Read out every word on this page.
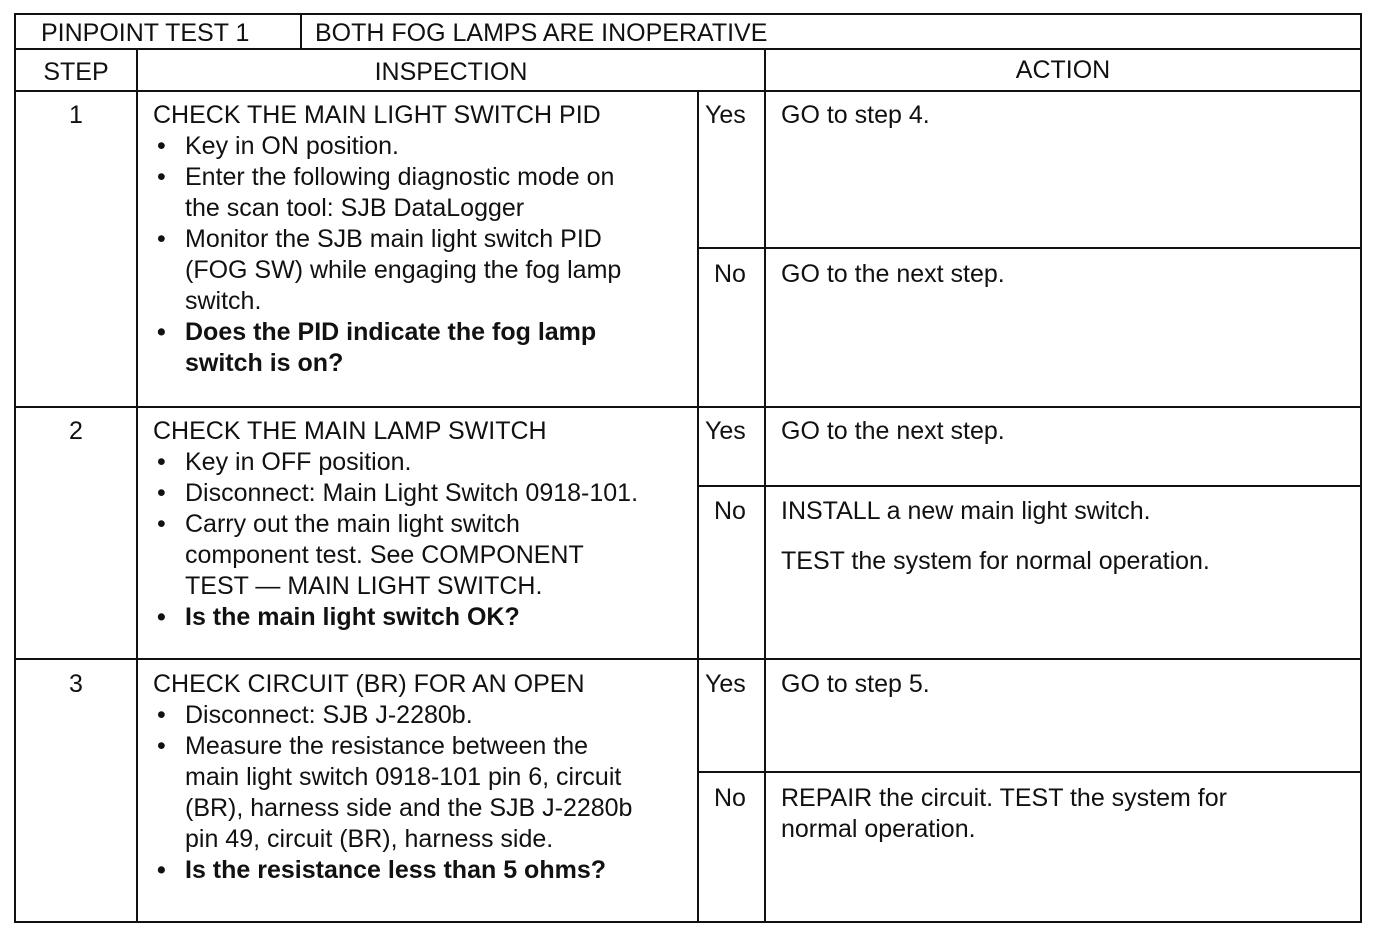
PINPOINT TEST 1	BOTH FOG LAMPS ARE INOPERATIVE
STEP	INSPECTION	ACTION
1	CHECK THE MAIN LIGHT SWITCH PID
• Key in ON position.
• Enter the following diagnostic mode on
the scan tool: SJB DataLogger
• Monitor the SJB main light switch PID
(FOG SW) while engaging the fog lamp
switch.
• Does the PID indicate the fog lamp
switch is on?
Yes GO to step 4.
No GO to the next step.
2	CHECK THE MAIN LAMP SWITCH
• Key in OFF position.
• Disconnect: Main Light Switch 0918-101.
• Carry out the main light switch
component test. See COMPONENT
TEST — MAIN LIGHT SWITCH.
• Is the main light switch OK?
Yes GO to the next step.
No INSTALL a new main light switch.
TEST the system for normal operation.
3	CHECK CIRCUIT (BR) FOR AN OPEN
• Disconnect: SJB J-2280b.
• Measure the resistance between the
main light switch 0918-101 pin 6, circuit
(BR), harness side and the SJB J-2280b
pin 49, circuit (BR), harness side.
• Is the resistance less than 5 ohms?
Yes GO to step 5.
No REPAIR the circuit. TEST the system for
normal operation.
